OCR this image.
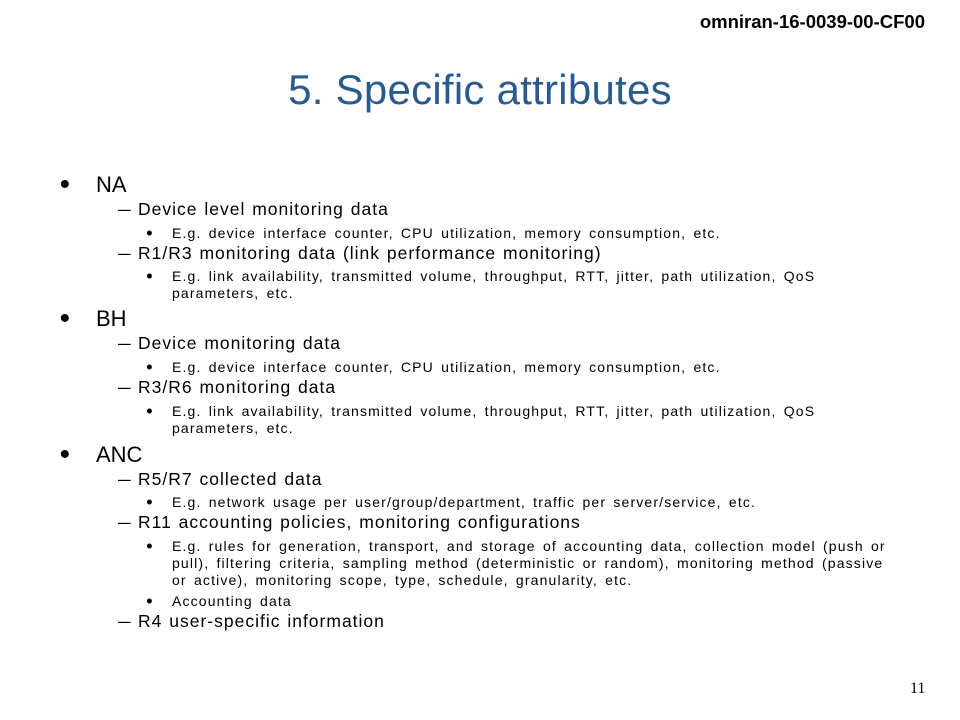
omniran-16-0039-00-CF00
5. Specific attributes
• NA
– Device level monitoring data
• E.g. device interface counter, CPU utilization, memory consumption, etc.
– R1/R3 monitoring data (link performance monitoring)
• E.g. link availability, transmitted volume, throughput, RTT, jitter, path utilization, QoS parameters, etc.
• BH
– Device monitoring data
• E.g. device interface counter, CPU utilization, memory consumption, etc.
– R3/R6 monitoring data
• E.g. link availability, transmitted volume, throughput, RTT, jitter, path utilization, QoS parameters, etc.
• ANC
– R5/R7 collected data
• E.g. network usage per user/group/department, traffic per server/service, etc.
– R11 accounting policies, monitoring configurations
• E.g. rules for generation, transport, and storage of accounting data, collection model (push or pull), filtering criteria, sampling method (deterministic or random), monitoring method (passive or active), monitoring scope, type, schedule, granularity, etc.
• Accounting data
– R4 user-specific information
11
